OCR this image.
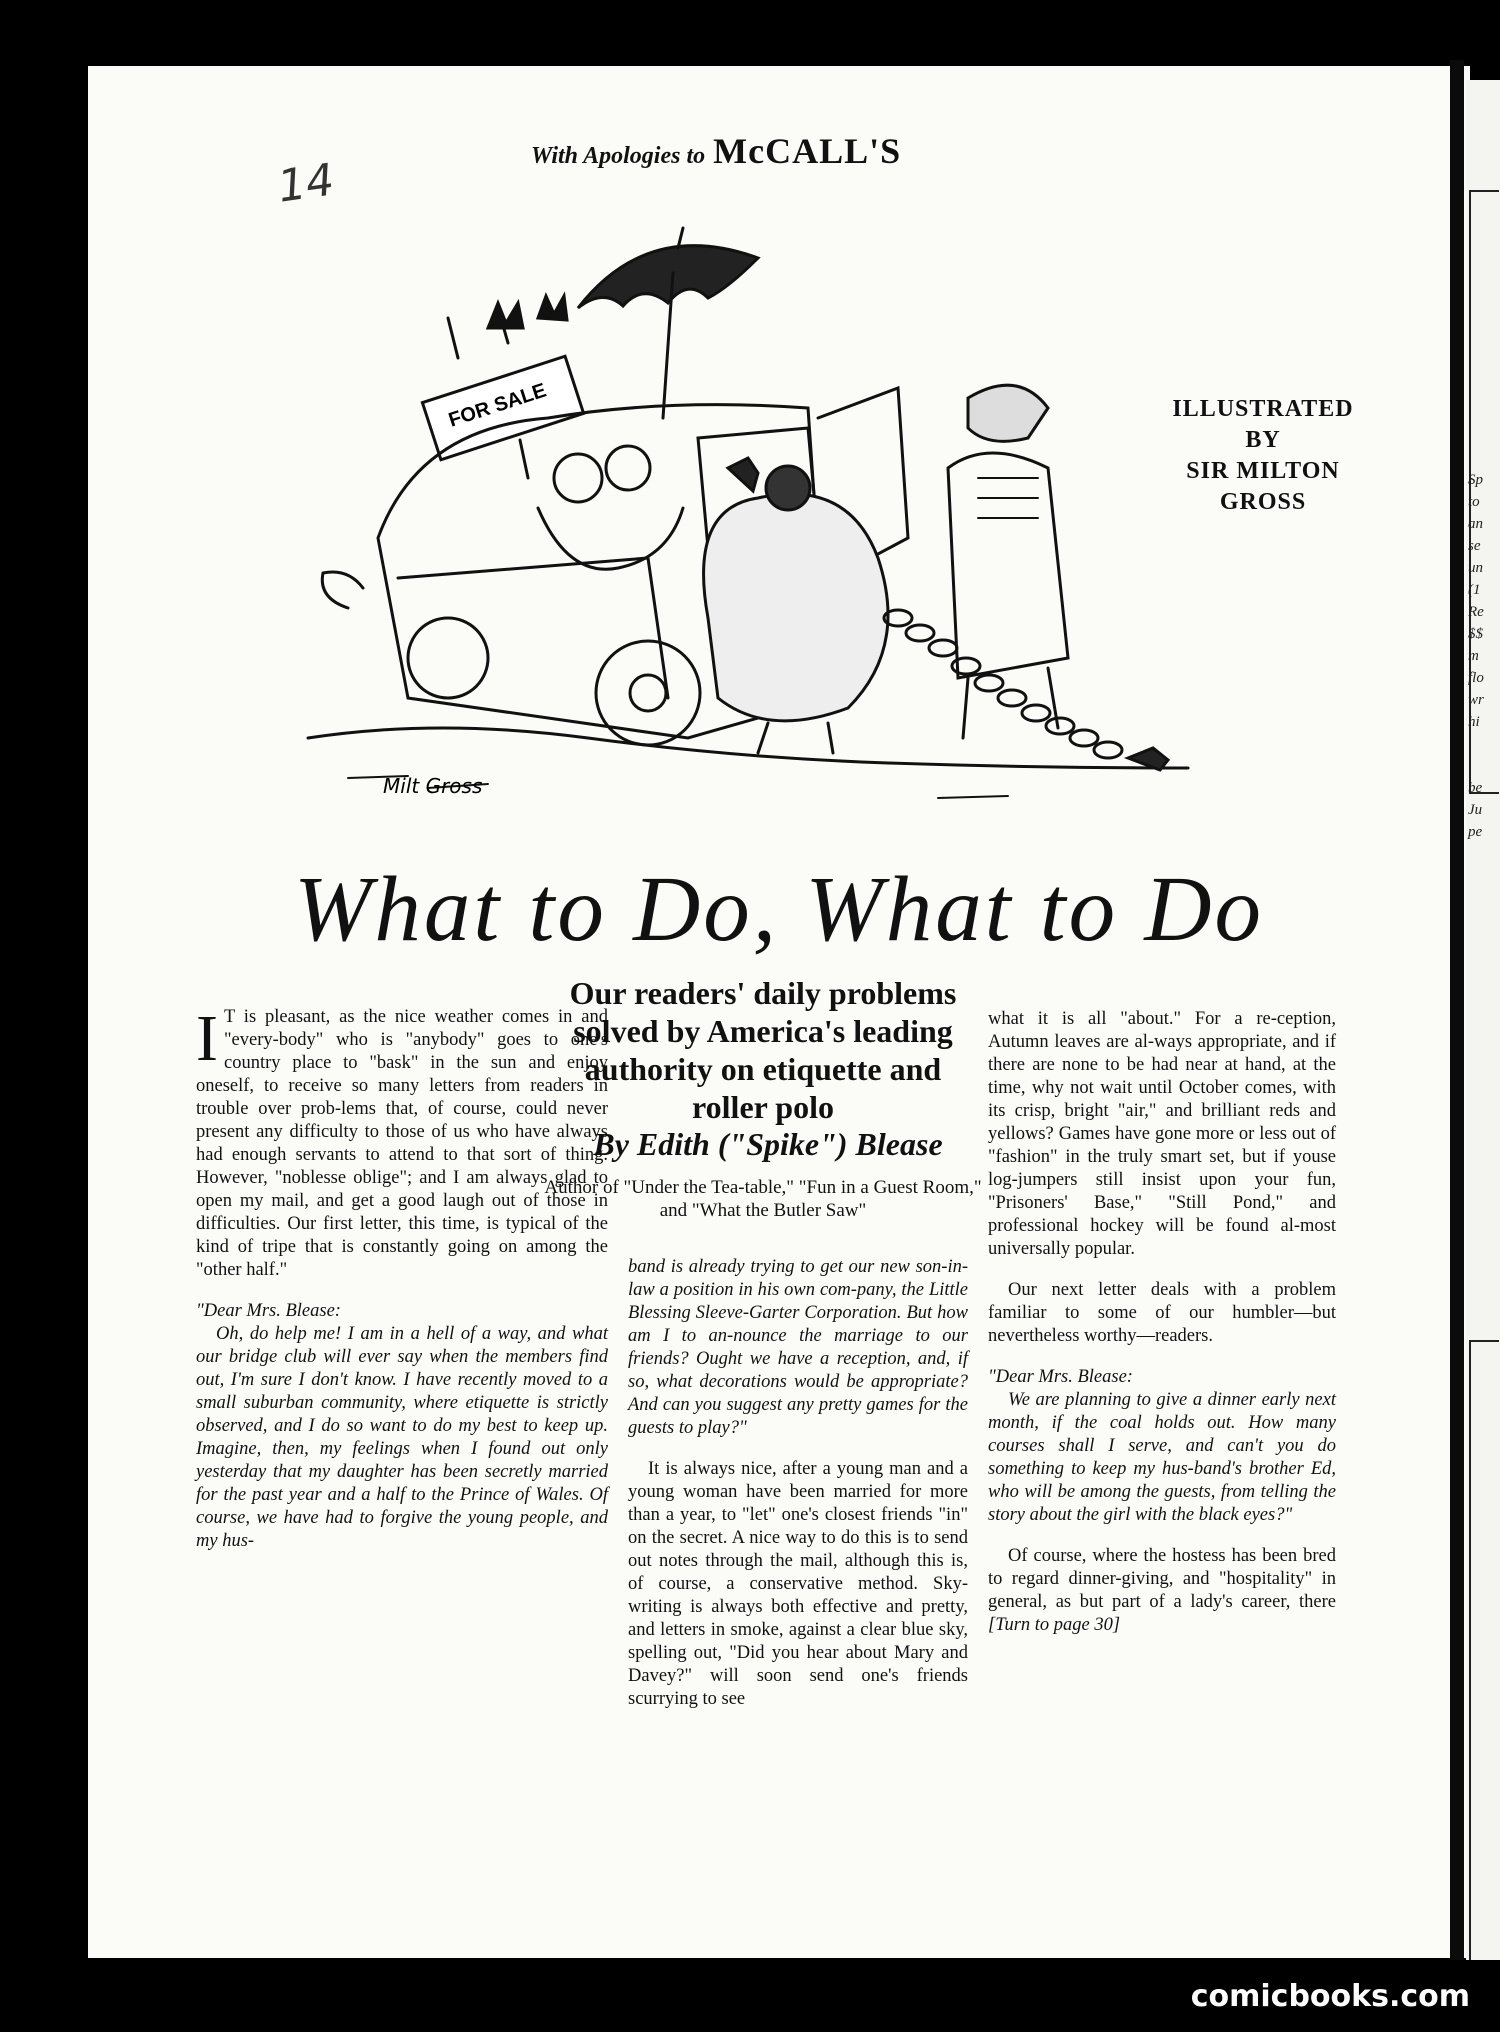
With Apologies to McCALL'S
14
FOR SALE
Milt Gross
ILLUSTRATED
BY
SIR MILTON
GROSS
What to Do, What to Do
Our readers' daily problems solved by America's leading authority on etiquette and roller polo
By Edith ("Spike") Blease
Author of "Under the Tea-table," "Fun in a Guest Room," and "What the Butler Saw"

I T is pleasant, as the nice weather comes in and "every-body" who is "anybody" goes to one's country place to "bask" in the sun and enjoy oneself, to receive so many letters from readers in trouble over prob-lems that, of course, could never present any difficulty to those of us who have always had enough servants to attend to that sort of thing. However, "noblesse oblige"; and I am always glad to open my mail, and get a good laugh out of those in difficulties. Our first letter, this time, is typical of the kind of tripe that is constantly going on among the "other half."

"Dear Mrs. Blease:

Oh, do help me! I am in a hell of a way, and what our bridge club will ever say when the members find out, I'm sure I don't know. I have recently moved to a small suburban community, where etiquette is strictly observed, and I do so want to do my best to keep up. Imagine, then, my feelings when I found out only yesterday that my daughter has been secretly married for the past year and a half to the Prince of Wales. Of course, we have had to forgive the young people, and my hus-

band is already trying to get our new son-in-law a position in his own com-pany, the Little Blessing Sleeve-Garter Corporation. But how am I to an-nounce the marriage to our friends? Ought we have a reception, and, if so, what decorations would be appropriate? And can you suggest any pretty games for the guests to play?"

It is always nice, after a young man and a young woman have been married for more than a year, to "let" one's closest friends "in" on the secret. A nice way to do this is to send out notes through the mail, although this is, of course, a conservative method. Sky-writing is always both effective and pretty, and letters in smoke, against a clear blue sky, spelling out, "Did you hear about Mary and Davey?" will soon send one's friends scurrying to see

what it is all "about." For a re-ception, Autumn leaves are al-ways appropriate, and if there are none to be had near at hand, at the time, why not wait until October comes, with its crisp, bright "air," and brilliant reds and yellows? Games have gone more or less out of "fashion" in the truly smart set, but if youse log-jumpers still insist upon your fun, "Prisoners' Base," "Still Pond," and professional hockey will be found al-most universally popular.

Our next letter deals with a problem familiar to some of our humbler—but nevertheless worthy—readers.

"Dear Mrs. Blease:

We are planning to give a dinner early next month, if the coal holds out. How many courses shall I serve, and can't you do something to keep my hus-band's brother Ed, who will be among the guests, from telling the story about the girl with the black eyes?"

Of course, where the hostess has been bred to regard dinner-giving, and "hospitality" in general, as but part of a lady's career, there [Turn to page 30]

Sp
to
an
se
un
(1
Re
$$
m
flo
wr
hi
be
Ju
pe
comicbooks.com
